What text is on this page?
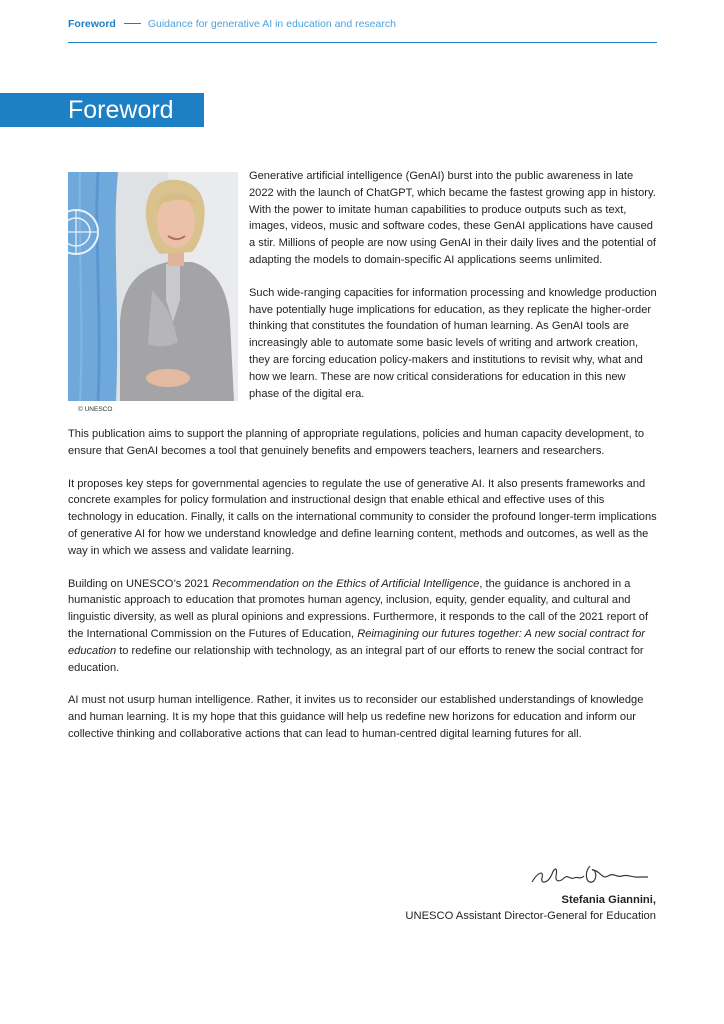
Foreword	Guidance for generative AI in education and research
Foreword
© UNESCO

Generative artificial intelligence (GenAI) burst into the public awareness in late 2022 with the launch of ChatGPT, which became the fastest growing app in history. With the power to imitate human capabilities to produce outputs such as text, images, videos, music and software codes, these GenAI applications have caused a stir. Millions of people are now using GenAI in their daily lives and the potential of adapting the models to domain-specific AI applications seems unlimited.

Such wide-ranging capacities for information processing and knowledge production have potentially huge implications for education, as they replicate the higher-order thinking that constitutes the foundation of human learning. As GenAI tools are increasingly able to automate some basic levels of writing and artwork creation, they are forcing education policy-makers and institutions to revisit why, what and how we learn. These are now critical considerations for education in this new phase of the digital era.

This publication aims to support the planning of appropriate regulations, policies and human capacity development, to ensure that GenAI becomes a tool that genuinely benefits and empowers teachers, learners and researchers.

It proposes key steps for governmental agencies to regulate the use of generative AI. It also presents frameworks and concrete examples for policy formulation and instructional design that enable ethical and effective uses of this technology in education. Finally, it calls on the international community to consider the profound longer-term implications of generative AI for how we understand knowledge and define learning content, methods and outcomes, as well as the way in which we assess and validate learning.

Building on UNESCO’s 2021 Recommendation on the Ethics of Artificial Intelligence, the guidance is anchored in a humanistic approach to education that promotes human agency, inclusion, equity, gender equality, and cultural and linguistic diversity, as well as plural opinions and expressions. Furthermore, it responds to the call of the 2021 report of the International Commission on the Futures of Education, Reimagining our futures together: A new social contract for education to redefine our relationship with technology, as an integral part of our efforts to renew the social contract for education.

AI must not usurp human intelligence. Rather, it invites us to reconsider our established understandings of knowledge and human learning. It is my hope that this guidance will help us redefine new horizons for education and inform our collective thinking and collaborative actions that can lead to human-centred digital learning futures for all.

Stefania Giannini,
UNESCO Assistant Director-General for Education
